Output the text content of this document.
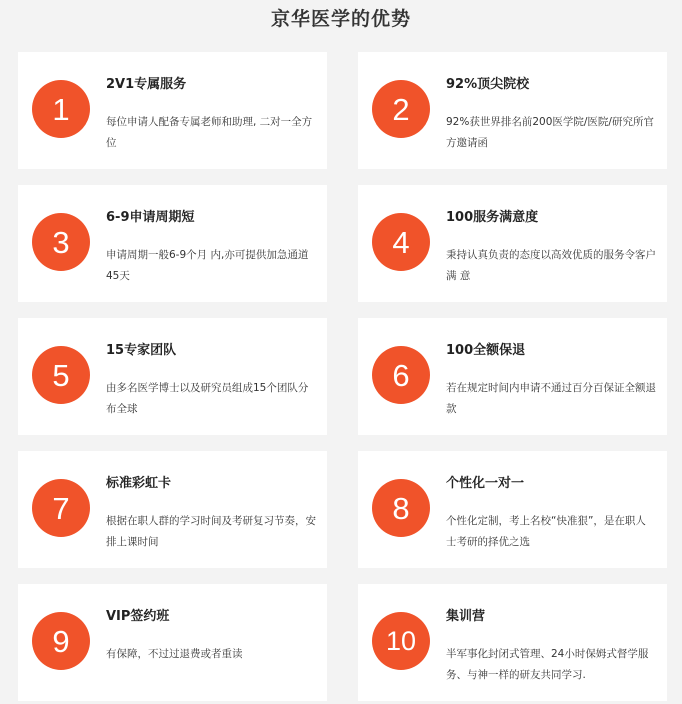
京华医学的优势
1
2V1专属服务

每位申请人配备专属老师和助理, 二对一全方位

2
92%顶尖院校

92%获世界排名前200医学院/医院/研究所官方邀请函

3
6-9申请周期短

申请周期一般6-9个月 内,亦可提供加急通道45天

4
100服务满意度

秉持认真负责的态度以高效优质的服务令客户满 意

5
15专家团队

由多名医学博士以及研究员组成15个团队分布全球

6
100全额保退

若在规定时间内申请不通过百分百保证全额退款

7
标准彩虹卡

根据在职人群的学习时间及考研复习节奏，安排上课时间

8
个性化一对一

个性化定制，考上名校“快准狠”，是在职人士考研的择优之选

9
VIP签约班

有保障，不过过退费或者重读	10
集训营

半军事化封闭式管理、24小时保姆式督学服务、与神一样的研友共同学习.
